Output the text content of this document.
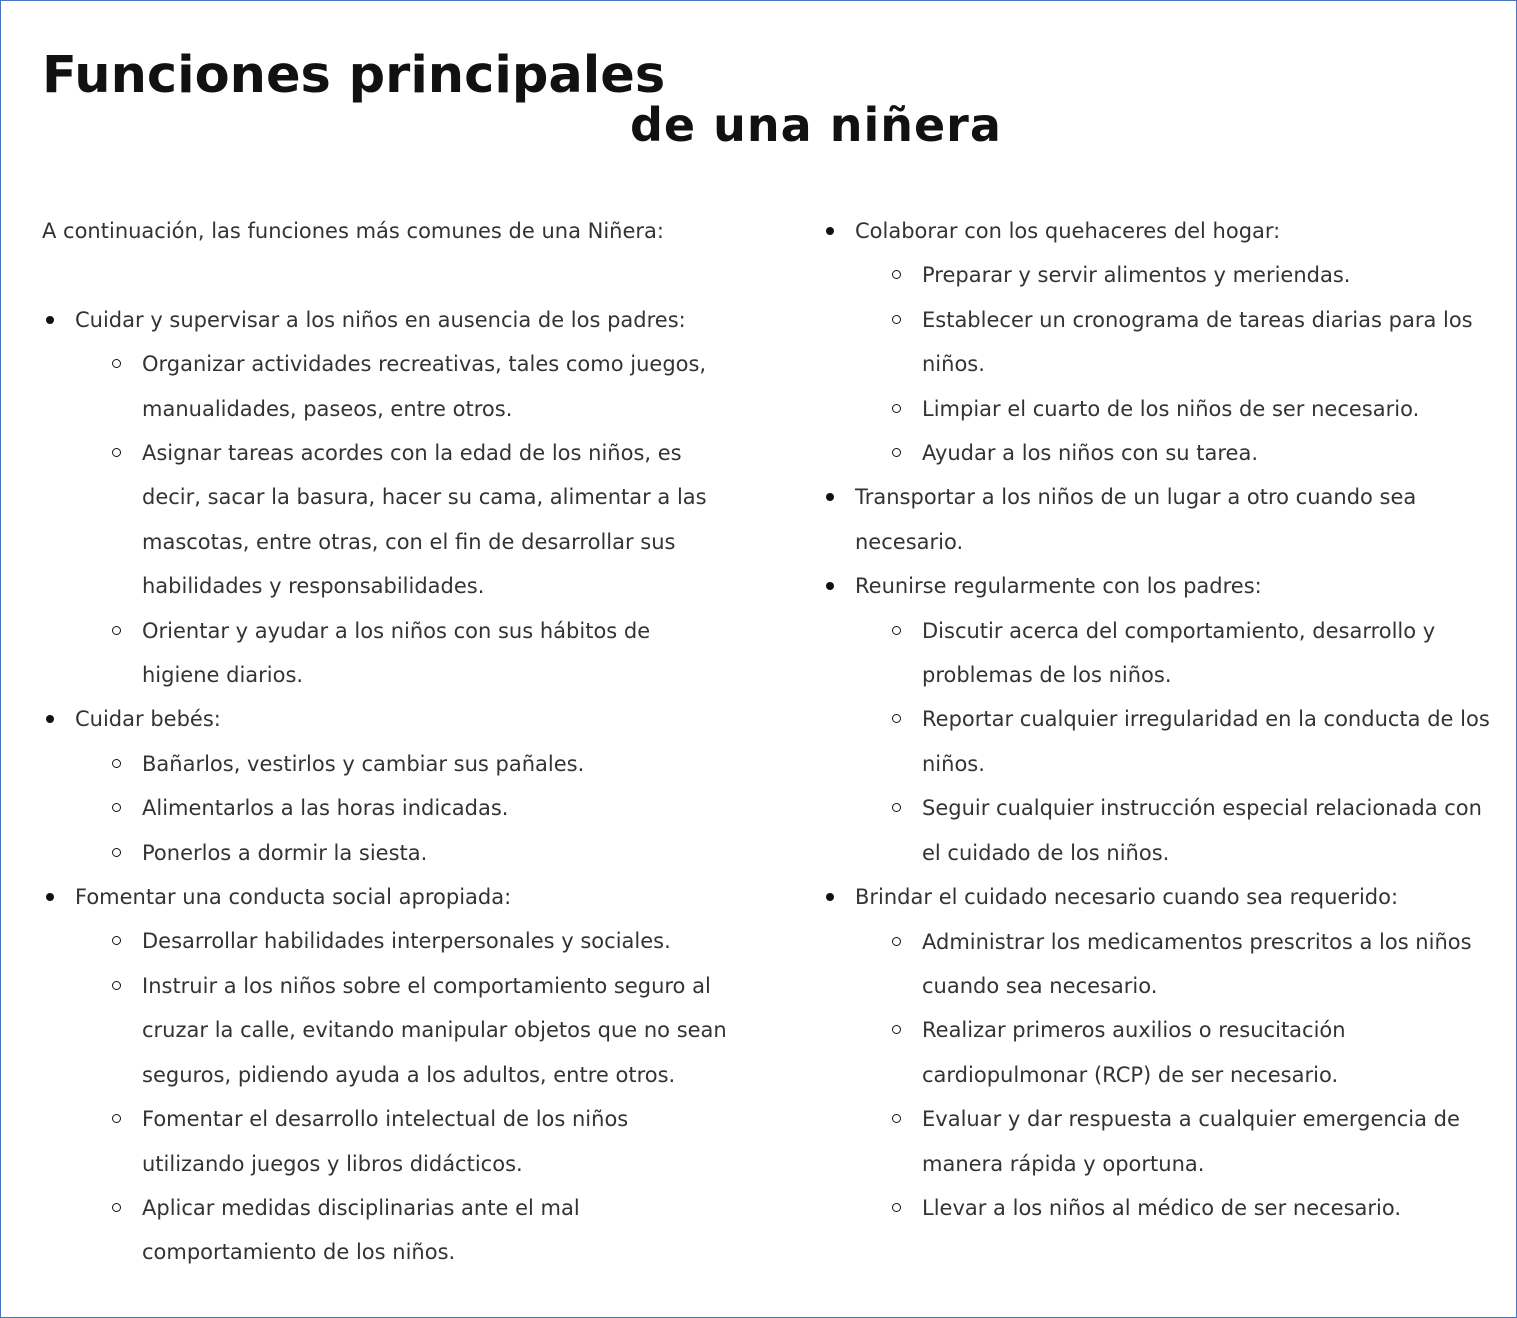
Funciones principales
de una niñera

A continuación, las funciones más comunes de una Niñera:

Cuidar y supervisar a los niños en ausencia de los padres:
Organizar actividades recreativas, tales como juegos, manualidades, paseos, entre otros.
Asignar tareas acordes con la edad de los niños, es decir, sacar la basura, hacer su cama, alimentar a las mascotas, entre otras, con el fin de desarrollar sus habilidades y responsabilidades.
Orientar y ayudar a los niños con sus hábitos de higiene diarios.
Cuidar bebés:
Bañarlos, vestirlos y cambiar sus pañales.
Alimentarlos a las horas indicadas.
Ponerlos a dormir la siesta.
Fomentar una conducta social apropiada:
Desarrollar habilidades interpersonales y sociales.
Instruir a los niños sobre el comportamiento seguro al cruzar la calle, evitando manipular objetos que no sean seguros, pidiendo ayuda a los adultos, entre otros.
Fomentar el desarrollo intelectual de los niños utilizando juegos y libros didácticos.
Aplicar medidas disciplinarias ante el mal comportamiento de los niños.
Colaborar con los quehaceres del hogar:
Preparar y servir alimentos y meriendas.
Establecer un cronograma de tareas diarias para los niños.
Limpiar el cuarto de los niños de ser necesario.
Ayudar a los niños con su tarea.
Transportar a los niños de un lugar a otro cuando sea necesario.
Reunirse regularmente con los padres:
Discutir acerca del comportamiento, desarrollo y problemas de los niños.
Reportar cualquier irregularidad en la conducta de los niños.
Seguir cualquier instrucción especial relacionada con el cuidado de los niños.
Brindar el cuidado necesario cuando sea requerido:
Administrar los medicamentos prescritos a los niños cuando sea necesario.
Realizar primeros auxilios o resucitación cardiopulmonar (RCP) de ser necesario.
Evaluar y dar respuesta a cualquier emergencia de manera rápida y oportuna.
Llevar a los niños al médico de ser necesario.
